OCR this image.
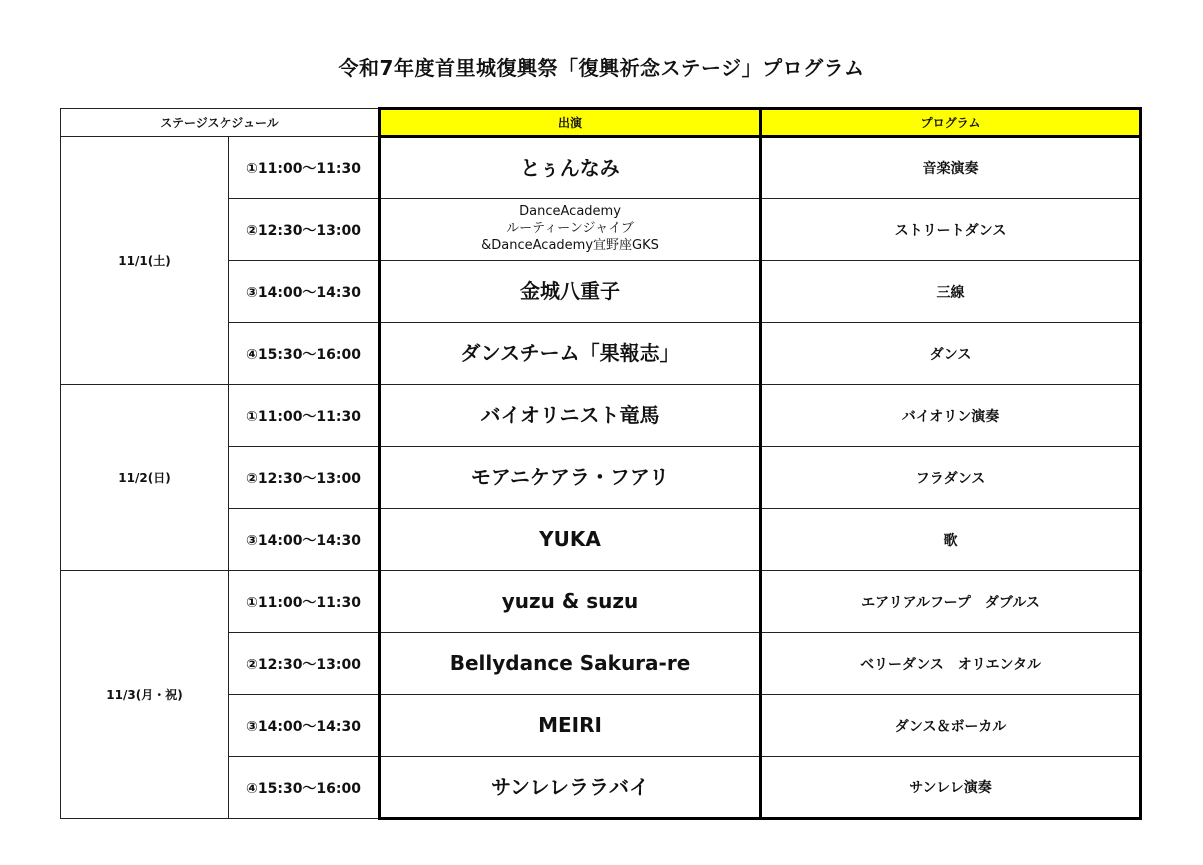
令和7年度首里城復興祭「復興祈念ステージ」プログラム
ステージスケジュール		出演	プログラム
11/1(土)	①11:00～11:30	とぅんなみ	音楽演奏
	②12:30～13:00	DanceAcademy
ルーティーンジャイブ
&DanceAcademy宜野座GKS	ストリートダンス
	③14:00～14:30	金城八重子	三線
	④15:30～16:00	ダンスチーム「果報志」	ダンス
11/2(日)	①11:00～11:30	バイオリニスト竜馬	バイオリン演奏
	②12:30～13:00	モアニケアラ・フアリ	フラダンス
	③14:00～14:30	YUKA	歌
11/3(月・祝)	①11:00～11:30	yuzu & suzu	エアリアルフープ　ダブルス
	②12:30～13:00	Bellydance Sakura-re	ベリーダンス　オリエンタル
	③14:00～14:30	MEIRI	ダンス＆ボーカル
	④15:30～16:00	サンレレララバイ	サンレレ演奏
